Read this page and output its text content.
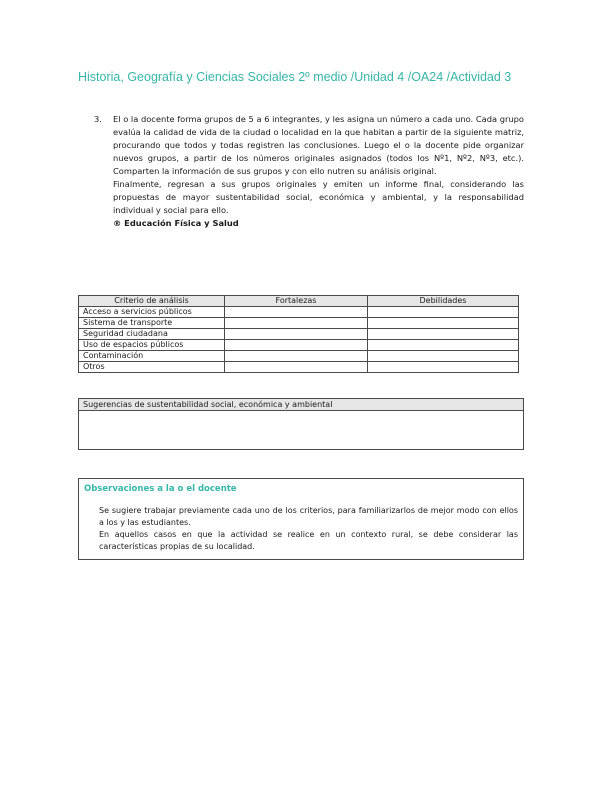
Historia, Geografía y Ciencias Sociales 2º medio /Unidad 4 /OA24 /Actividad 3
3. El o la docente forma grupos de 5 a 6 integrantes, y les asigna un número a cada uno. Cada grupo evalúa la calidad de vida de la ciudad o localidad en la que habitan a partir de la siguiente matriz, procurando que todos y todas registren las conclusiones. Luego el o la docente pide organizar nuevos grupos, a partir de los números originales asignados (todos los Nº1, Nº2, Nº3, etc.). Comparten la información de sus grupos y con ello nutren su análisis original.

Finalmente, regresan a sus grupos originales y emiten un informe final, considerando las propuestas de mayor sustentabilidad social, económica y ambiental, y la responsabilidad individual y social para ello.

® Educación Física y Salud

Criterio de análisis	Fortalezas	Debilidades
Acceso a servicios públicos		
Sistema de transporte		
Seguridad ciudadana		
Uso de espacios públicos		
Contaminación		
Otros		
Sugerencias de sustentabilidad social, económica y ambiental
Observaciones a la o el docente

Se sugiere trabajar previamente cada uno de los criterios, para familiarizarlos de mejor modo con ellos a los y las estudiantes.

En aquellos casos en que la actividad se realice en un contexto rural, se debe considerar las características propias de su localidad.
